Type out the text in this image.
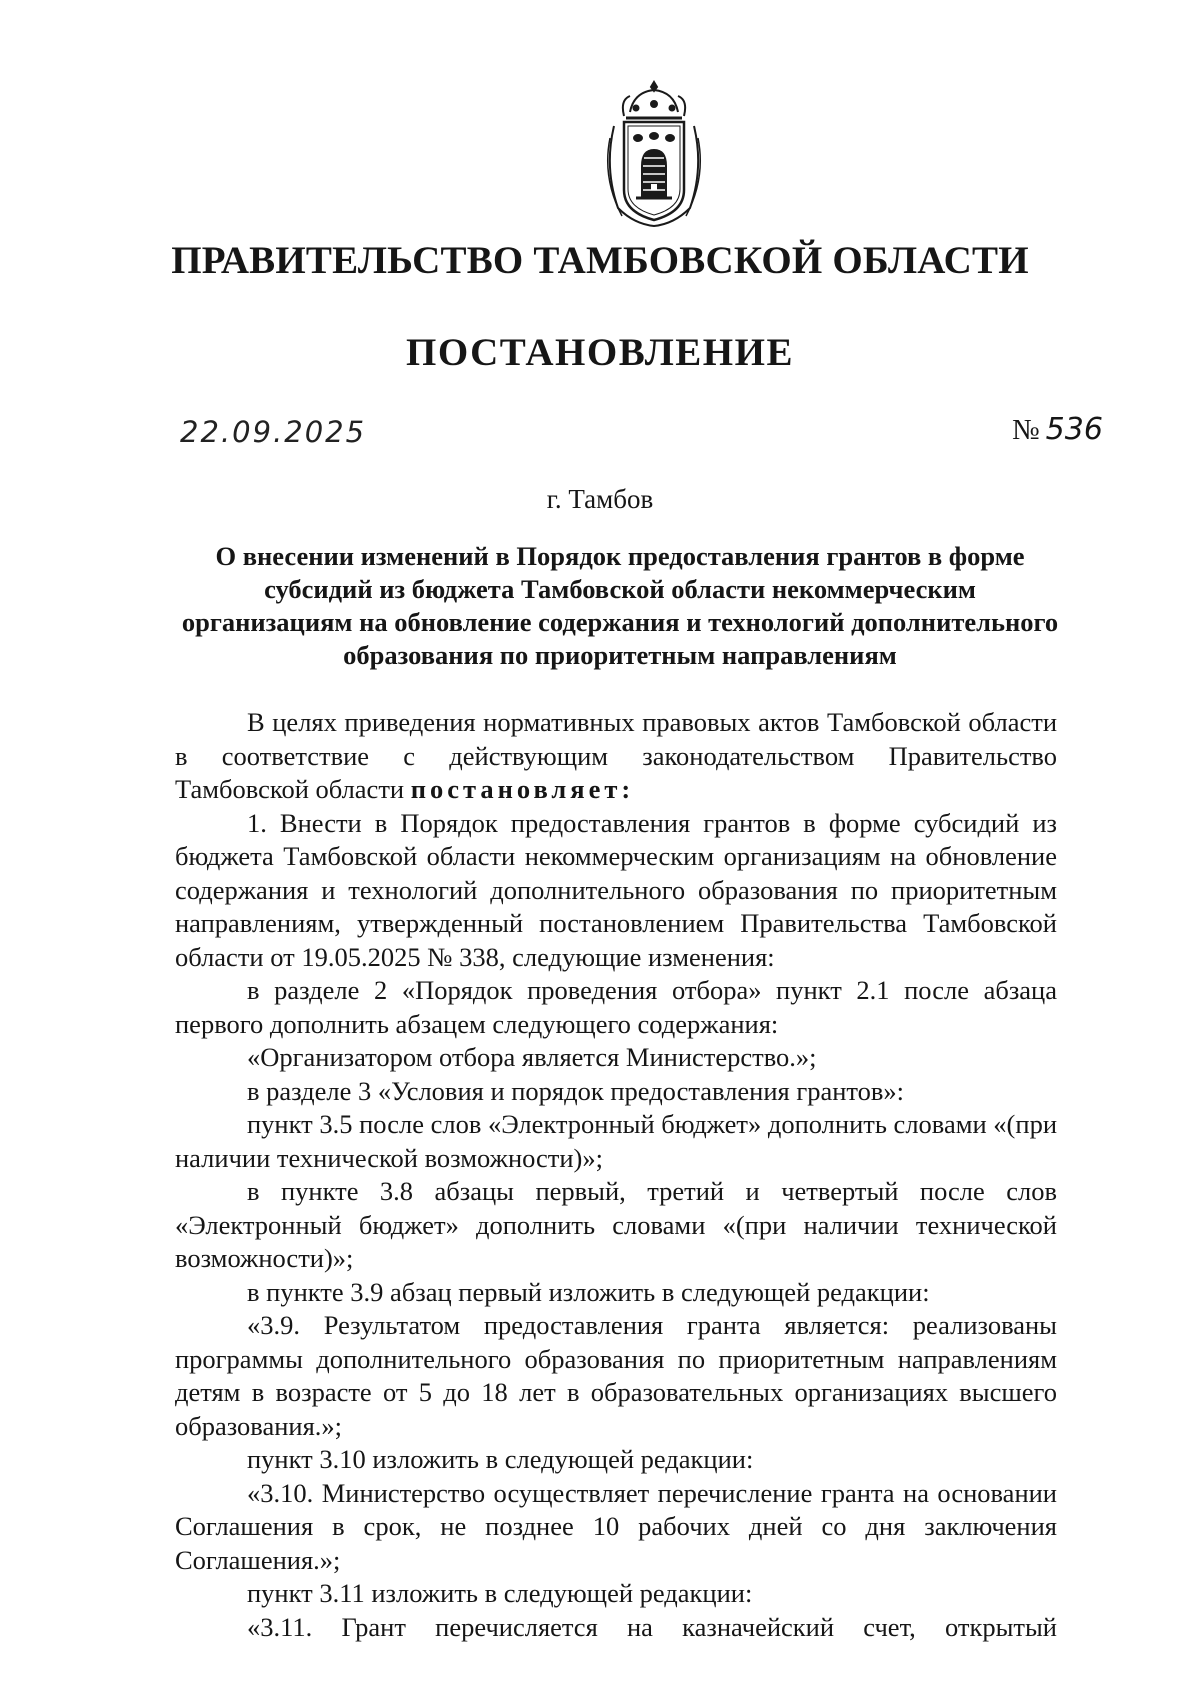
ПРАВИТЕЛЬСТВО ТАМБОВСКОЙ ОБЛАСТИ
ПОСТАНОВЛЕНИЕ
22.09.2025	№ 536
г. Тамбов
О внесении изменений в Порядок предоставления грантов в форме субсидий из бюджета Тамбовской области некоммерческим организациям на обновление содержания и технологий дополнительного образования по приоритетным направлениям

В целях приведения нормативных правовых актов Тамбовской области в соответствие с действующим законодательством Правительство Тамбовской области постановляет:

1. Внести в Порядок предоставления грантов в форме субсидий из бюджета Тамбовской области некоммерческим организациям на обновление содержания и технологий дополнительного образования по приоритетным направлениям, утвержденный постановлением Правительства Тамбовской области от 19.05.2025 № 338, следующие изменения:

в разделе 2 «Порядок проведения отбора» пункт 2.1 после абзаца первого дополнить абзацем следующего содержания:

«Организатором отбора является Министерство.»;

в разделе 3 «Условия и порядок предоставления грантов»:

пункт 3.5 после слов «Электронный бюджет» дополнить словами «(при наличии технической возможности)»;

в пункте 3.8 абзацы первый, третий и четвертый после слов «Электронный бюджет» дополнить словами «(при наличии технической возможности)»;

в пункте 3.9 абзац первый изложить в следующей редакции:

«3.9. Результатом предоставления гранта является: реализованы программы дополнительного образования по приоритетным направлениям детям в возрасте от 5 до 18 лет в образовательных организациях высшего образования.»;

пункт 3.10 изложить в следующей редакции:

«3.10. Министерство осуществляет перечисление гранта на основании Соглашения в срок, не позднее 10 рабочих дней со дня заключения Соглашения.»;

пункт 3.11 изложить в следующей редакции:

«3.11. Грант перечисляется на казначейский счет, открытый
